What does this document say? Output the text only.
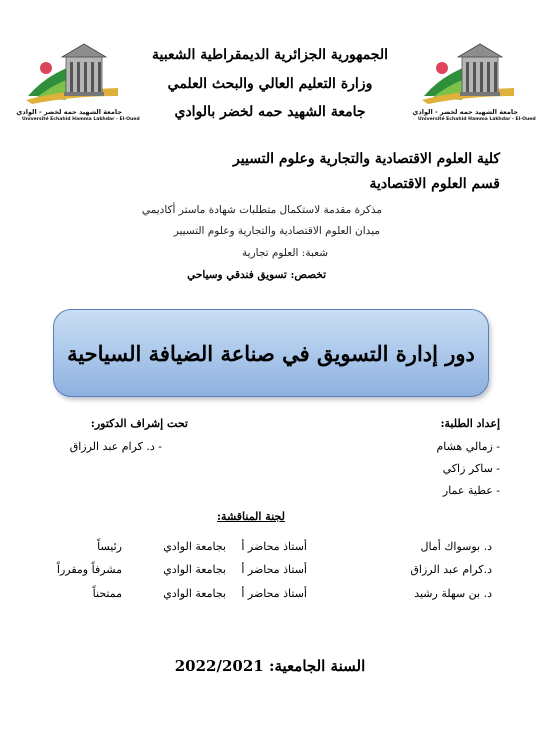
جامعة الشهيد حمه لخضر - الوادي
Université Echahid Hamma Lakhdar - El-Oued
جامعة الشهيد حمه لخضر - الوادي
Université Echahid Hamma Lakhdar - El-Oued
الجمهورية الجزائرية الديمقراطية الشعبية
وزارة التعليم العالي والبحث العلمي
جامعة الشهيد حمه لخضر بالوادي
كلية العلوم الاقتصادية والتجارية وعلوم التسيير
قسم العلوم الاقتصادية
مذكرة مقدمة لاستكمال متطلبات شهادة ماستر أكاديمي
ميدان العلوم الاقتصادية والتجارية وعلوم التسيير
شعبة: العلوم تجارية
تخصص: تسويق فندقي وسياحي
دور إدارة التسويق في صناعة الضيافة السياحية
إعداد الطلبة:
- زمالي هشام
- ساكر زاكي
- عطية عمار
تحت إشراف الدكتور:
- د. كرام عبد الرزاق
لجنة المناقشة:
د. بوسواك أمال
أستاذ محاضر أ
بجامعة الوادي
رئيساً
د.كرام عبد الرزاق
أستاذ محاضر أ
بجامعة الوادي
مشرفاً ومقرراً
د. بن سهلة رشيد
أستاذ محاضر أ
بجامعة الوادي
ممتحناً
السنة الجامعية: 2022/2021
